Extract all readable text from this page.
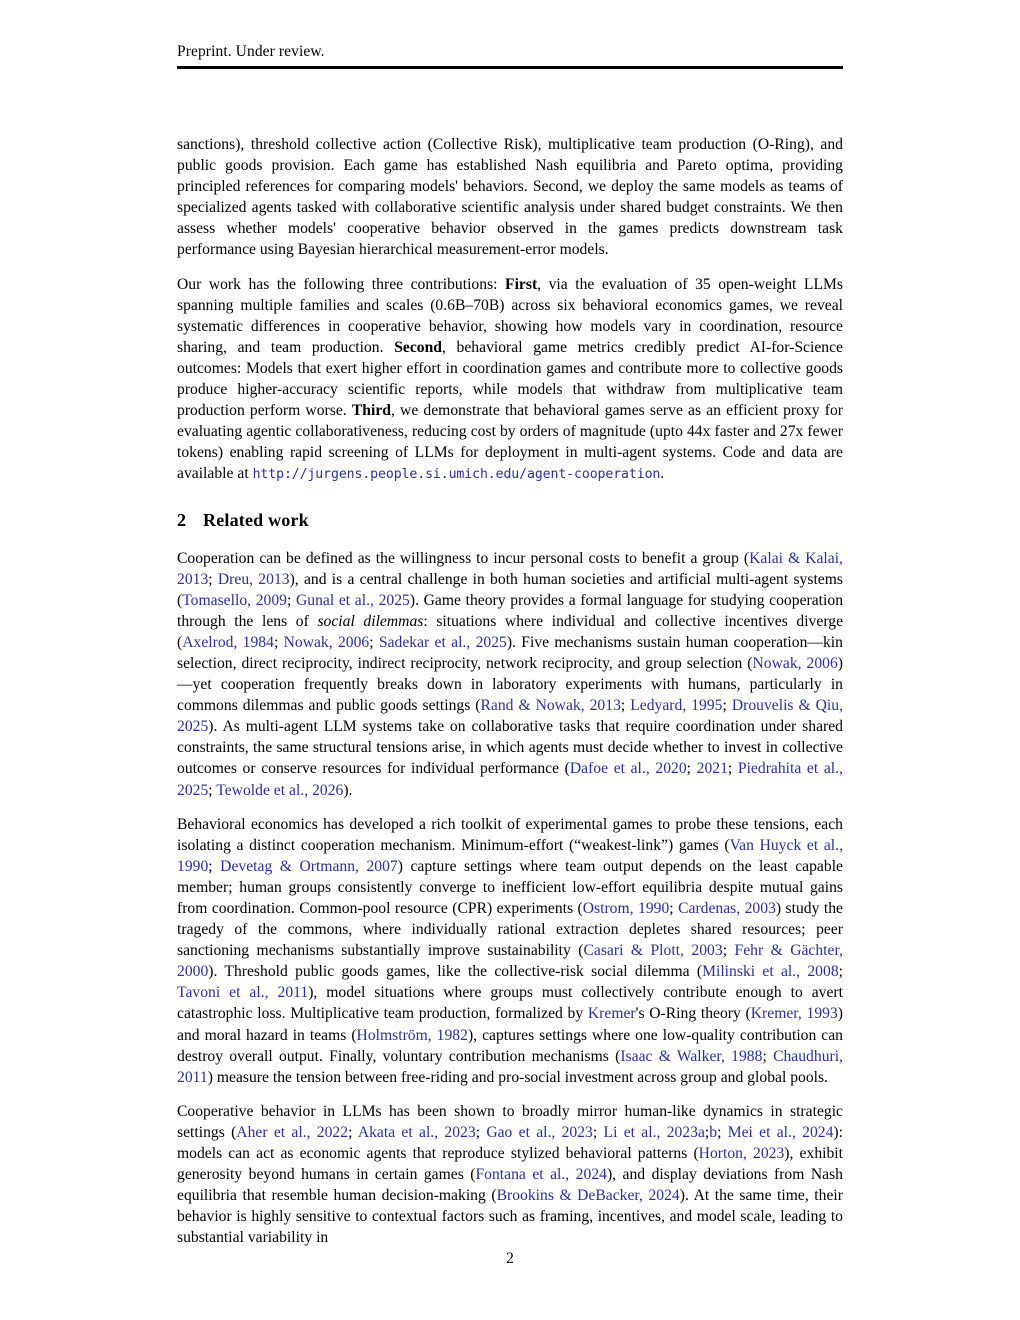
Preprint. Under review.

sanctions), threshold collective action (Collective Risk), multiplicative team production (O-Ring), and public goods provision. Each game has established Nash equilibria and Pareto optima, providing principled references for comparing models' behaviors. Second, we deploy the same models as teams of specialized agents tasked with collaborative scientific analysis under shared budget constraints. We then assess whether models' cooperative behavior observed in the games predicts downstream task performance using Bayesian hierarchical measurement-error models.

Our work has the following three contributions: First, via the evaluation of 35 open-weight LLMs spanning multiple families and scales (0.6B–70B) across six behavioral economics games, we reveal systematic differences in cooperative behavior, showing how models vary in coordination, resource sharing, and team production. Second, behavioral game metrics credibly predict AI-for-Science outcomes: Models that exert higher effort in coordination games and contribute more to collective goods produce higher-accuracy scientific reports, while models that withdraw from multiplicative team production perform worse. Third, we demonstrate that behavioral games serve as an efficient proxy for evaluating agentic collaborativeness, reducing cost by orders of magnitude (upto 44x faster and 27x fewer tokens) enabling rapid screening of LLMs for deployment in multi-agent systems. Code and data are available at http://jurgens.people.si.umich.edu/agent-cooperation.

2 Related work

Cooperation can be defined as the willingness to incur personal costs to benefit a group (Kalai & Kalai, 2013; Dreu, 2013), and is a central challenge in both human societies and artificial multi-agent systems (Tomasello, 2009; Gunal et al., 2025). Game theory provides a formal language for studying cooperation through the lens of social dilemmas: situations where individual and collective incentives diverge (Axelrod, 1984; Nowak, 2006; Sadekar et al., 2025). Five mechanisms sustain human cooperation—kin selection, direct reciprocity, indirect reciprocity, network reciprocity, and group selection (Nowak, 2006)—yet cooperation frequently breaks down in laboratory experiments with humans, particularly in commons dilemmas and public goods settings (Rand & Nowak, 2013; Ledyard, 1995; Drouvelis & Qiu, 2025). As multi-agent LLM systems take on collaborative tasks that require coordination under shared constraints, the same structural tensions arise, in which agents must decide whether to invest in collective outcomes or conserve resources for individual performance (Dafoe et al., 2020; 2021; Piedrahita et al., 2025; Tewolde et al., 2026).

Behavioral economics has developed a rich toolkit of experimental games to probe these tensions, each isolating a distinct cooperation mechanism. Minimum-effort (“weakest-link”) games (Van Huyck et al., 1990; Devetag & Ortmann, 2007) capture settings where team output depends on the least capable member; human groups consistently converge to inefficient low-effort equilibria despite mutual gains from coordination. Common-pool resource (CPR) experiments (Ostrom, 1990; Cardenas, 2003) study the tragedy of the commons, where individually rational extraction depletes shared resources; peer sanctioning mechanisms substantially improve sustainability (Casari & Plott, 2003; Fehr & Gächter, 2000). Threshold public goods games, like the collective-risk social dilemma (Milinski et al., 2008; Tavoni et al., 2011), model situations where groups must collectively contribute enough to avert catastrophic loss. Multiplicative team production, formalized by Kremer's O-Ring theory (Kremer, 1993) and moral hazard in teams (Holmström, 1982), captures settings where one low-quality contribution can destroy overall output. Finally, voluntary contribution mechanisms (Isaac & Walker, 1988; Chaudhuri, 2011) measure the tension between free-riding and pro-social investment across group and global pools.

Cooperative behavior in LLMs has been shown to broadly mirror human-like dynamics in strategic settings (Aher et al., 2022; Akata et al., 2023; Gao et al., 2023; Li et al., 2023a;b; Mei et al., 2024): models can act as economic agents that reproduce stylized behavioral patterns (Horton, 2023), exhibit generosity beyond humans in certain games (Fontana et al., 2024), and display deviations from Nash equilibria that resemble human decision-making (Brookins & DeBacker, 2024). At the same time, their behavior is highly sensitive to contextual factors such as framing, incentives, and model scale, leading to substantial variability in

2
